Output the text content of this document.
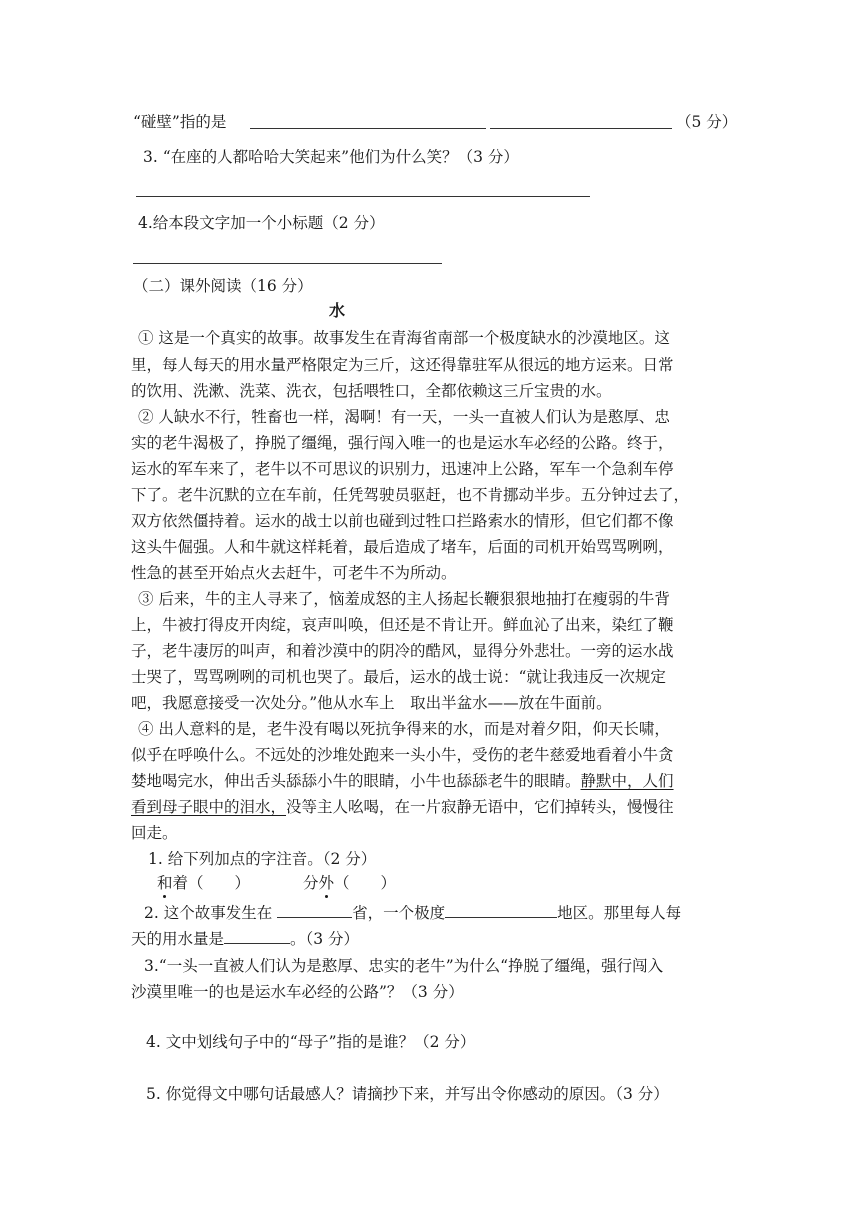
“碰壁”指的是	（5 分）
3. “在座的人都哈哈大笑起来”他们为什么笑？（3 分）
4.给本段文字加一个小标题（2 分）
（二）课外阅读（16 分）
水
① 这是一个真实的故事。故事发生在青海省南部一个极度缺水的沙漠地区。这
里，每人每天的用水量严格限定为三斤，这还得靠驻军从很远的地方运来。日常
的饮用、洗漱、洗菜、洗衣，包括喂牲口，全都依赖这三斤宝贵的水。
② 人缺水不行，牲畜也一样，渴啊！有一天，一头一直被人们认为是憨厚、忠
实的老牛渴极了，挣脱了缰绳，强行闯入唯一的也是运水车必经的公路。终于，
运水的军车来了，老牛以不可思议的识别力，迅速冲上公路，军车一个急刹车停
下了。老牛沉默的立在车前，任凭驾驶员驱赶，也不肯挪动半步。五分钟过去了，
双方依然僵持着。运水的战士以前也碰到过牲口拦路索水的情形，但它们都不像
这头牛倔强。人和牛就这样耗着，最后造成了堵车，后面的司机开始骂骂咧咧，
性急的甚至开始点火去赶牛，可老牛不为所动。
③ 后来，牛的主人寻来了，恼羞成怒的主人扬起长鞭狠狠地抽打在瘦弱的牛背
上，牛被打得皮开肉绽，哀声叫唤，但还是不肯让开。鲜血沁了出来，染红了鞭
子，老牛凄厉的叫声，和着沙漠中的阴冷的酷风，显得分外悲壮。一旁的运水战
士哭了，骂骂咧咧的司机也哭了。最后，运水的战士说：“就让我违反一次规定
吧，我愿意接受一次处分。”他从水车上　取出半盆水——放在牛面前。
④ 出人意料的是，老牛没有喝以死抗争得来的水，而是对着夕阳，仰天长啸，
似乎在呼唤什么。不远处的沙堆处跑来一头小牛，受伤的老牛慈爱地看着小牛贪
婪地喝完水，伸出舌头舔舔小牛的眼睛，小牛也舔舔老牛的眼睛。静默中，人们
看到母子眼中的泪水，没等主人吆喝，在一片寂静无语中，它们掉转头，慢慢往
回走。
1. 给下列加点的字注音。（2 分）
和着（　　）	分外（　　）
2. 这个故事发生在	省，一个极度	地区。那里每人每
天的用水量是	。（3 分）
3.“一头一直被人们认为是憨厚、忠实的老牛”为什么“挣脱了缰绳，强行闯入
沙漠里唯一的也是运水车必经的公路”？（3 分）
4. 文中划线句子中的“母子”指的是谁？（2 分）
5. 你觉得文中哪句话最感人？请摘抄下来，并写出令你感动的原因。（3 分）
